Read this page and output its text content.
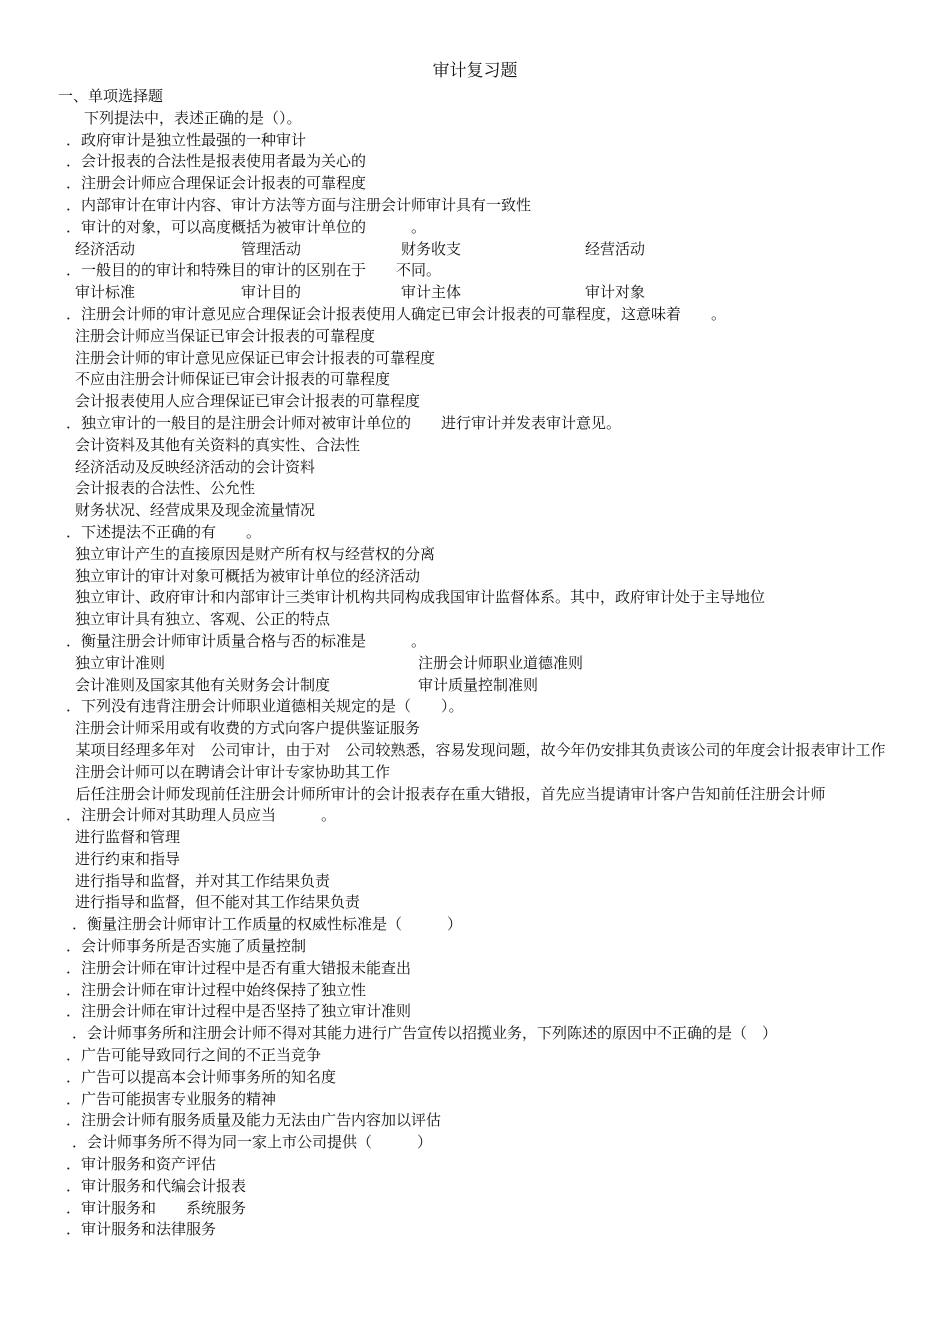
审计复习题
一、单项选择题
下列提法中，表述正确的是（）。
．政府审计是独立性最强的一种审计
．会计报表的合法性是报表使用者最为关心的
．注册会计师应合理保证会计报表的可靠程度
．内部审计在审计内容、审计方法等方面与注册会计师审计具有一致性
．审计的对象，可以高度概括为被审计单位的　　　。
经济活动	管理活动	财务收支	经营活动
．一般目的的审计和特殊目的审计的区别在于　　不同。
审计标准	审计目的	审计主体	审计对象
．注册会计师的审计意见应合理保证会计报表使用人确定已审会计报表的可靠程度，这意味着　　。
注册会计师应当保证已审会计报表的可靠程度
注册会计师的审计意见应保证已审会计报表的可靠程度
不应由注册会计师保证已审会计报表的可靠程度
会计报表使用人应合理保证已审会计报表的可靠程度
．独立审计的一般目的是注册会计师对被审计单位的　　进行审计并发表审计意见。
会计资料及其他有关资料的真实性、合法性
经济活动及反映经济活动的会计资料
会计报表的合法性、公允性
财务状况、经营成果及现金流量情况
．下述提法不正确的有　　。
独立审计产生的直接原因是财产所有权与经营权的分离
独立审计的审计对象可概括为被审计单位的经济活动
独立审计、政府审计和内部审计三类审计机构共同构成我国审计监督体系。其中，政府审计处于主导地位
独立审计具有独立、客观、公正的特点
．衡量注册会计师审计质量合格与否的标准是　　　。
独立审计准则	注册会计师职业道德准则
会计准则及国家其他有关财务会计制度	审计质量控制准则
．下列没有违背注册会计师职业道德相关规定的是（　　）。
注册会计师采用或有收费的方式向客户提供鉴证服务
某项目经理多年对　公司审计，由于对　公司较熟悉，容易发现问题，故今年仍安排其负责该公司的年度会计报表审计工作
注册会计师可以在聘请会计审计专家协助其工作
后任注册会计师发现前任注册会计师所审计的会计报表存在重大错报，首先应当提请审计客户告知前任注册会计师
．注册会计师对其助理人员应当　　　。
进行监督和管理
进行约束和指导
进行指导和监督，并对其工作结果负责
进行指导和监督，但不能对其工作结果负责
．衡量注册会计师审计工作质量的权威性标准是（　　　）
．会计师事务所是否实施了质量控制
．注册会计师在审计过程中是否有重大错报未能查出
．注册会计师在审计过程中始终保持了独立性
．注册会计师在审计过程中是否坚持了独立审计准则
．会计师事务所和注册会计师不得对其能力进行广告宣传以招揽业务，下列陈述的原因中不正确的是（　）
．广告可能导致同行之间的不正当竞争
．广告可以提高本会计师事务所的知名度
．广告可能损害专业服务的精神
．注册会计师有服务质量及能力无法由广告内容加以评估
．会计师事务所不得为同一家上市公司提供（　　　）
．审计服务和资产评估
．审计服务和代编会计报表
．审计服务和　　系统服务
．审计服务和法律服务
